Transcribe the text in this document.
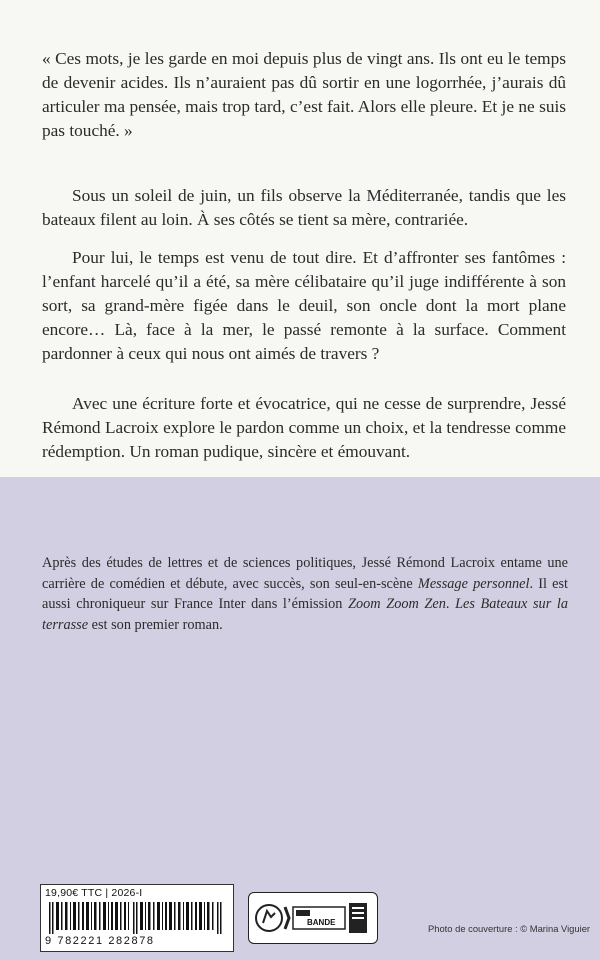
« Ces mots, je les garde en moi depuis plus de vingt ans. Ils ont eu le temps de devenir acides. Ils n’auraient pas dû sortir en une logorrhée, j’aurais dû articuler ma pensée, mais trop tard, c’est fait. Alors elle pleure. Et je ne suis pas touché. »

Sous un soleil de juin, un fils observe la Méditerranée, tandis que les bateaux filent au loin. À ses côtés se tient sa mère, contrariée.

Pour lui, le temps est venu de tout dire. Et d’affronter ses fantômes : l’enfant harcelé qu’il a été, sa mère célibataire qu’il juge indifférente à son sort, sa grand-mère figée dans le deuil, son oncle dont la mort plane encore… Là, face à la mer, le passé remonte à la surface. Comment pardonner à ceux qui nous ont aimés de travers ?

Avec une écriture forte et évocatrice, qui ne cesse de surprendre, Jessé Rémond Lacroix explore le pardon comme un choix, et la tendresse comme rédemption. Un roman pudique, sincère et émouvant.

Après des études de lettres et de sciences politiques, Jessé Rémond Lacroix entame une carrière de comédien et débute, avec succès, son seul-en-scène Message personnel. Il est aussi chroniqueur sur France Inter dans l’émission Zoom Zoom Zen. Les Bateaux sur la terrasse est son premier roman.

19,90€ TTC | 2026-I
9 782221 282878
BANDE
Photo de couverture : © Marina Viguier
